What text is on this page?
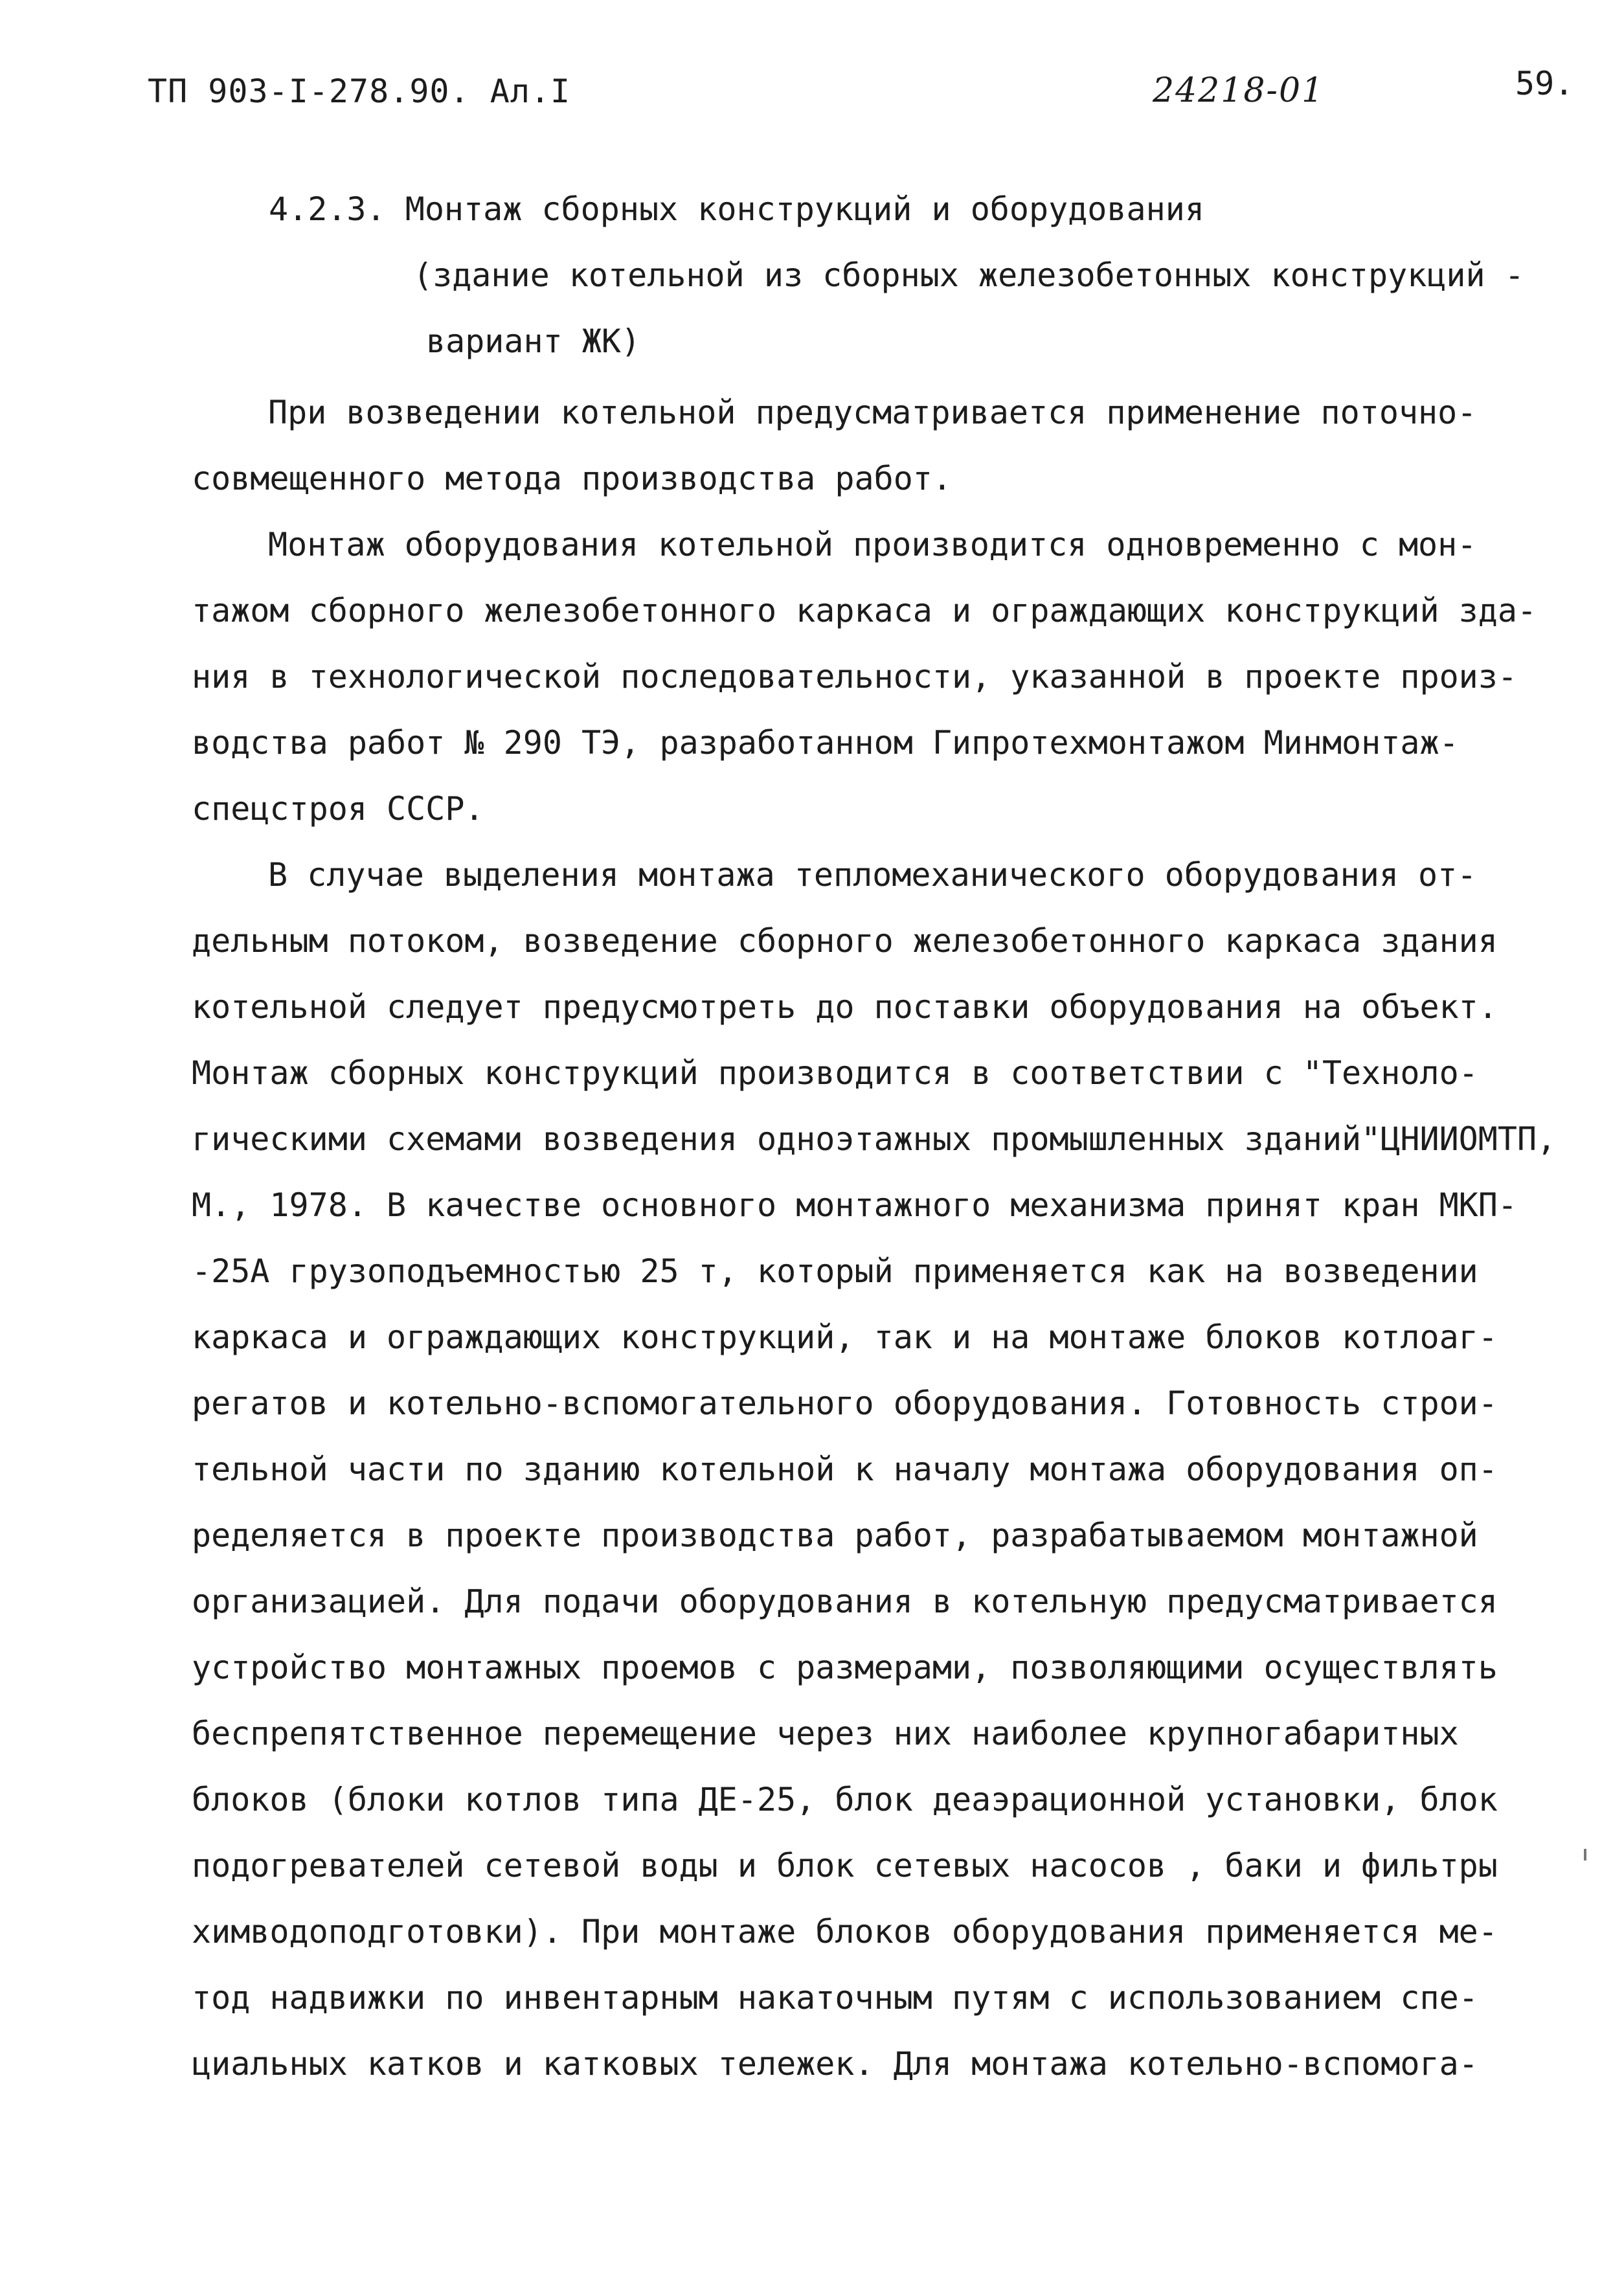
ТП 903-I-278.90. Ал.I	24218-01	59.
4.2.3. Монтаж сборных конструкций и оборудования
(здание котельной из сборных железобетонных конструкций -
вариант ЖК)

При возведении котельной предусматривается применение поточно-

совмещенного метода производства работ.

Монтаж оборудования котельной производится одновременно с мон-

тажом сборного железобетонного каркаса и ограждающих конструкций зда-

ния в технологической последовательности, указанной в проекте произ-

водства работ № 290 ТЭ, разработанном Гипротехмонтажом Минмонтаж-

спецстроя СССР.

В случае выделения монтажа тепломеханического оборудования от-

дельным потоком, возведение сборного железобетонного каркаса здания

котельной следует предусмотреть до поставки оборудования на объект.

Монтаж сборных конструкций производится в соответствии с "Техноло-

гическими схемами возведения одноэтажных промышленных зданий"ЦНИИОМТП,

М., 1978. В качестве основного монтажного механизма принят кран МКП-

-25А грузоподъемностью 25 т, который применяется как на возведении

каркаса и ограждающих конструкций, так и на монтаже блоков котлоаг-

регатов и котельно-вспомогательного оборудования. Готовность строи-

тельной части по зданию котельной к началу монтажа оборудования оп-

ределяется в проекте производства работ, разрабатываемом монтажной

организацией. Для подачи оборудования в котельную предусматривается

устройство монтажных проемов с размерами, позволяющими осуществлять

беспрепятственное перемещение через них наиболее крупногабаритных

блоков (блоки котлов типа ДЕ-25, блок деаэрационной установки, блок

подогревателей сетевой воды и блок сетевых насосов , баки и фильтры

химводоподготовки). При монтаже блоков оборудования применяется ме-

тод надвижки по инвентарным накаточным путям с использованием спе-

циальных катков и катковых тележек. Для монтажа котельно-вспомога-
